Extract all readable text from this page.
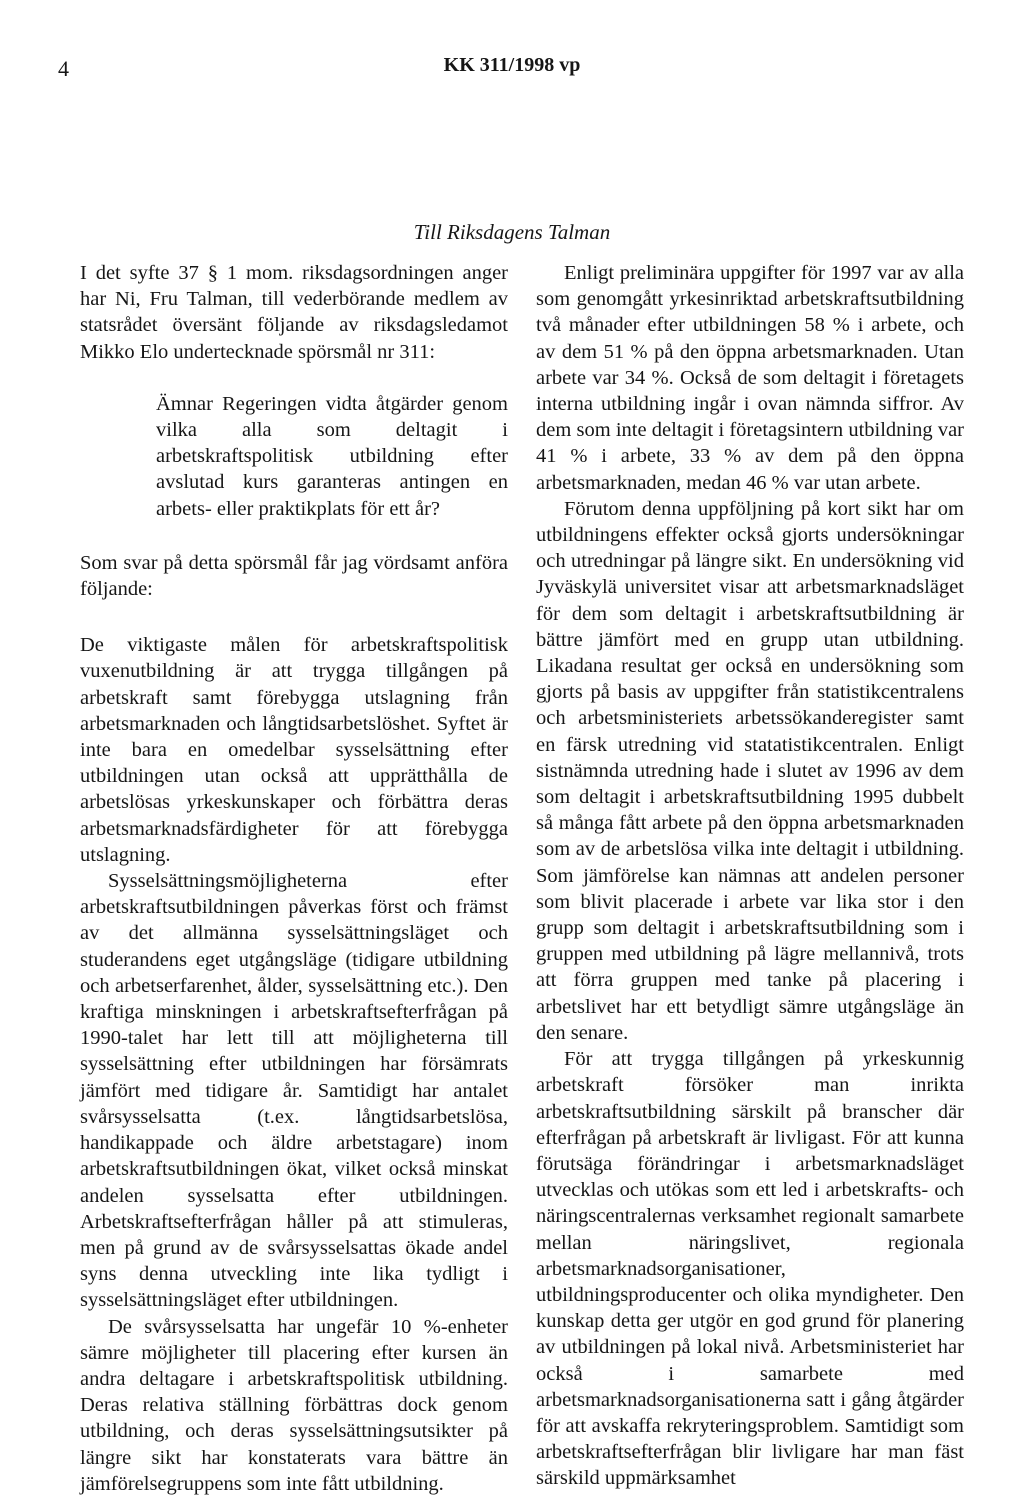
4	KK 311/1998 vp
Till Riksdagens Talman

I det syfte 37 § 1 mom. riksdagsordningen anger har Ni, Fru Talman, till vederbörande medlem av statsrådet översänt följande av riksdagsledamot Mikko Elo undertecknade spörsmål nr 311:

Ämnar Regeringen vidta åtgärder genom vilka alla som deltagit i arbetskraftspolitisk utbildning efter avslutad kurs garanteras antingen en arbets- eller praktikplats för ett år?

Som svar på detta spörsmål får jag vördsamt anföra följande:

De viktigaste målen för arbetskraftspolitisk vuxenutbildning är att trygga tillgången på arbetskraft samt förebygga utslagning från arbetsmarknaden och långtidsarbetslöshet. Syftet är inte bara en omedelbar sysselsättning efter utbildningen utan också att upprätthålla de arbetslösas yrkeskunskaper och förbättra deras arbetsmarknadsfärdigheter för att förebygga utslagning.

Sysselsättningsmöjligheterna efter arbetskraftsutbildningen påverkas först och främst av det allmänna sysselsättningsläget och studerandens eget utgångsläge (tidigare utbildning och arbetserfarenhet, ålder, sysselsättning etc.). Den kraftiga minskningen i arbetskraftsefterfrågan på 1990-talet har lett till att möjligheterna till sysselsättning efter utbildningen har försämrats jämfört med tidigare år. Samtidigt har antalet svårsysselsatta (t.ex. långtidsarbetslösa, handikappade och äldre arbetstagare) inom arbetskraftsutbildningen ökat, vilket också minskat andelen sysselsatta efter utbildningen. Arbetskraftsefterfrågan håller på att stimuleras, men på grund av de svårsysselsattas ökade andel syns denna utveckling inte lika tydligt i sysselsättningsläget efter utbildningen.

De svårsysselsatta har ungefär 10 %-enheter sämre möjligheter till placering efter kursen än andra deltagare i arbetskraftspolitisk utbildning. Deras relativa ställning förbättras dock genom utbildning, och deras sysselsättningsutsikter på längre sikt har konstaterats vara bättre än jämförelsegruppens som inte fått utbildning.

Enligt preliminära uppgifter för 1997 var av alla som genomgått yrkesinriktad arbetskraftsutbildning två månader efter utbildningen 58 % i arbete, och av dem 51 % på den öppna arbetsmarknaden. Utan arbete var 34 %. Också de som deltagit i företagets interna utbildning ingår i ovan nämnda siffror. Av dem som inte deltagit i företagsintern utbildning var 41 % i arbete, 33 % av dem på den öppna arbetsmarknaden, medan 46 % var utan arbete.

Förutom denna uppföljning på kort sikt har om utbildningens effekter också gjorts undersökningar och utredningar på längre sikt. En undersökning vid Jyväskylä universitet visar att arbetsmarknadsläget för dem som deltagit i arbetskraftsutbildning är bättre jämfört med en grupp utan utbildning. Likadana resultat ger också en undersökning som gjorts på basis av uppgifter från statistikcentralens och arbetsministeriets arbetssökanderegister samt en färsk utredning vid statatistikcentralen. Enligt sistnämnda utredning hade i slutet av 1996 av dem som deltagit i arbetskraftsutbildning 1995 dubbelt så många fått arbete på den öppna arbetsmarknaden som av de arbetslösa vilka inte deltagit i utbildning. Som jämförelse kan nämnas att andelen personer som blivit placerade i arbete var lika stor i den grupp som deltagit i arbetskraftsutbildning som i gruppen med utbildning på lägre mellannivå, trots att förra gruppen med tanke på placering i arbetslivet har ett betydligt sämre utgångsläge än den senare.

För att trygga tillgången på yrkeskunnig arbetskraft försöker man inrikta arbetskraftsutbildning särskilt på branscher där efterfrågan på arbetskraft är livligast. För att kunna förutsäga förändringar i arbetsmarknadsläget utvecklas och utökas som ett led i arbetskrafts- och näringscentralernas verksamhet regionalt samarbete mellan näringslivet, regionala arbetsmarknadsorganisationer, utbildningsproducenter och olika myndigheter. Den kunskap detta ger utgör en god grund för planering av utbildningen på lokal nivå. Arbetsministeriet har också i samarbete med arbetsmarknadsorganisationerna satt i gång åtgärder för att avskaffa rekryteringsproblem. Samtidigt som arbetskraftsefterfrågan blir livligare har man fäst särskild uppmärksamhet
